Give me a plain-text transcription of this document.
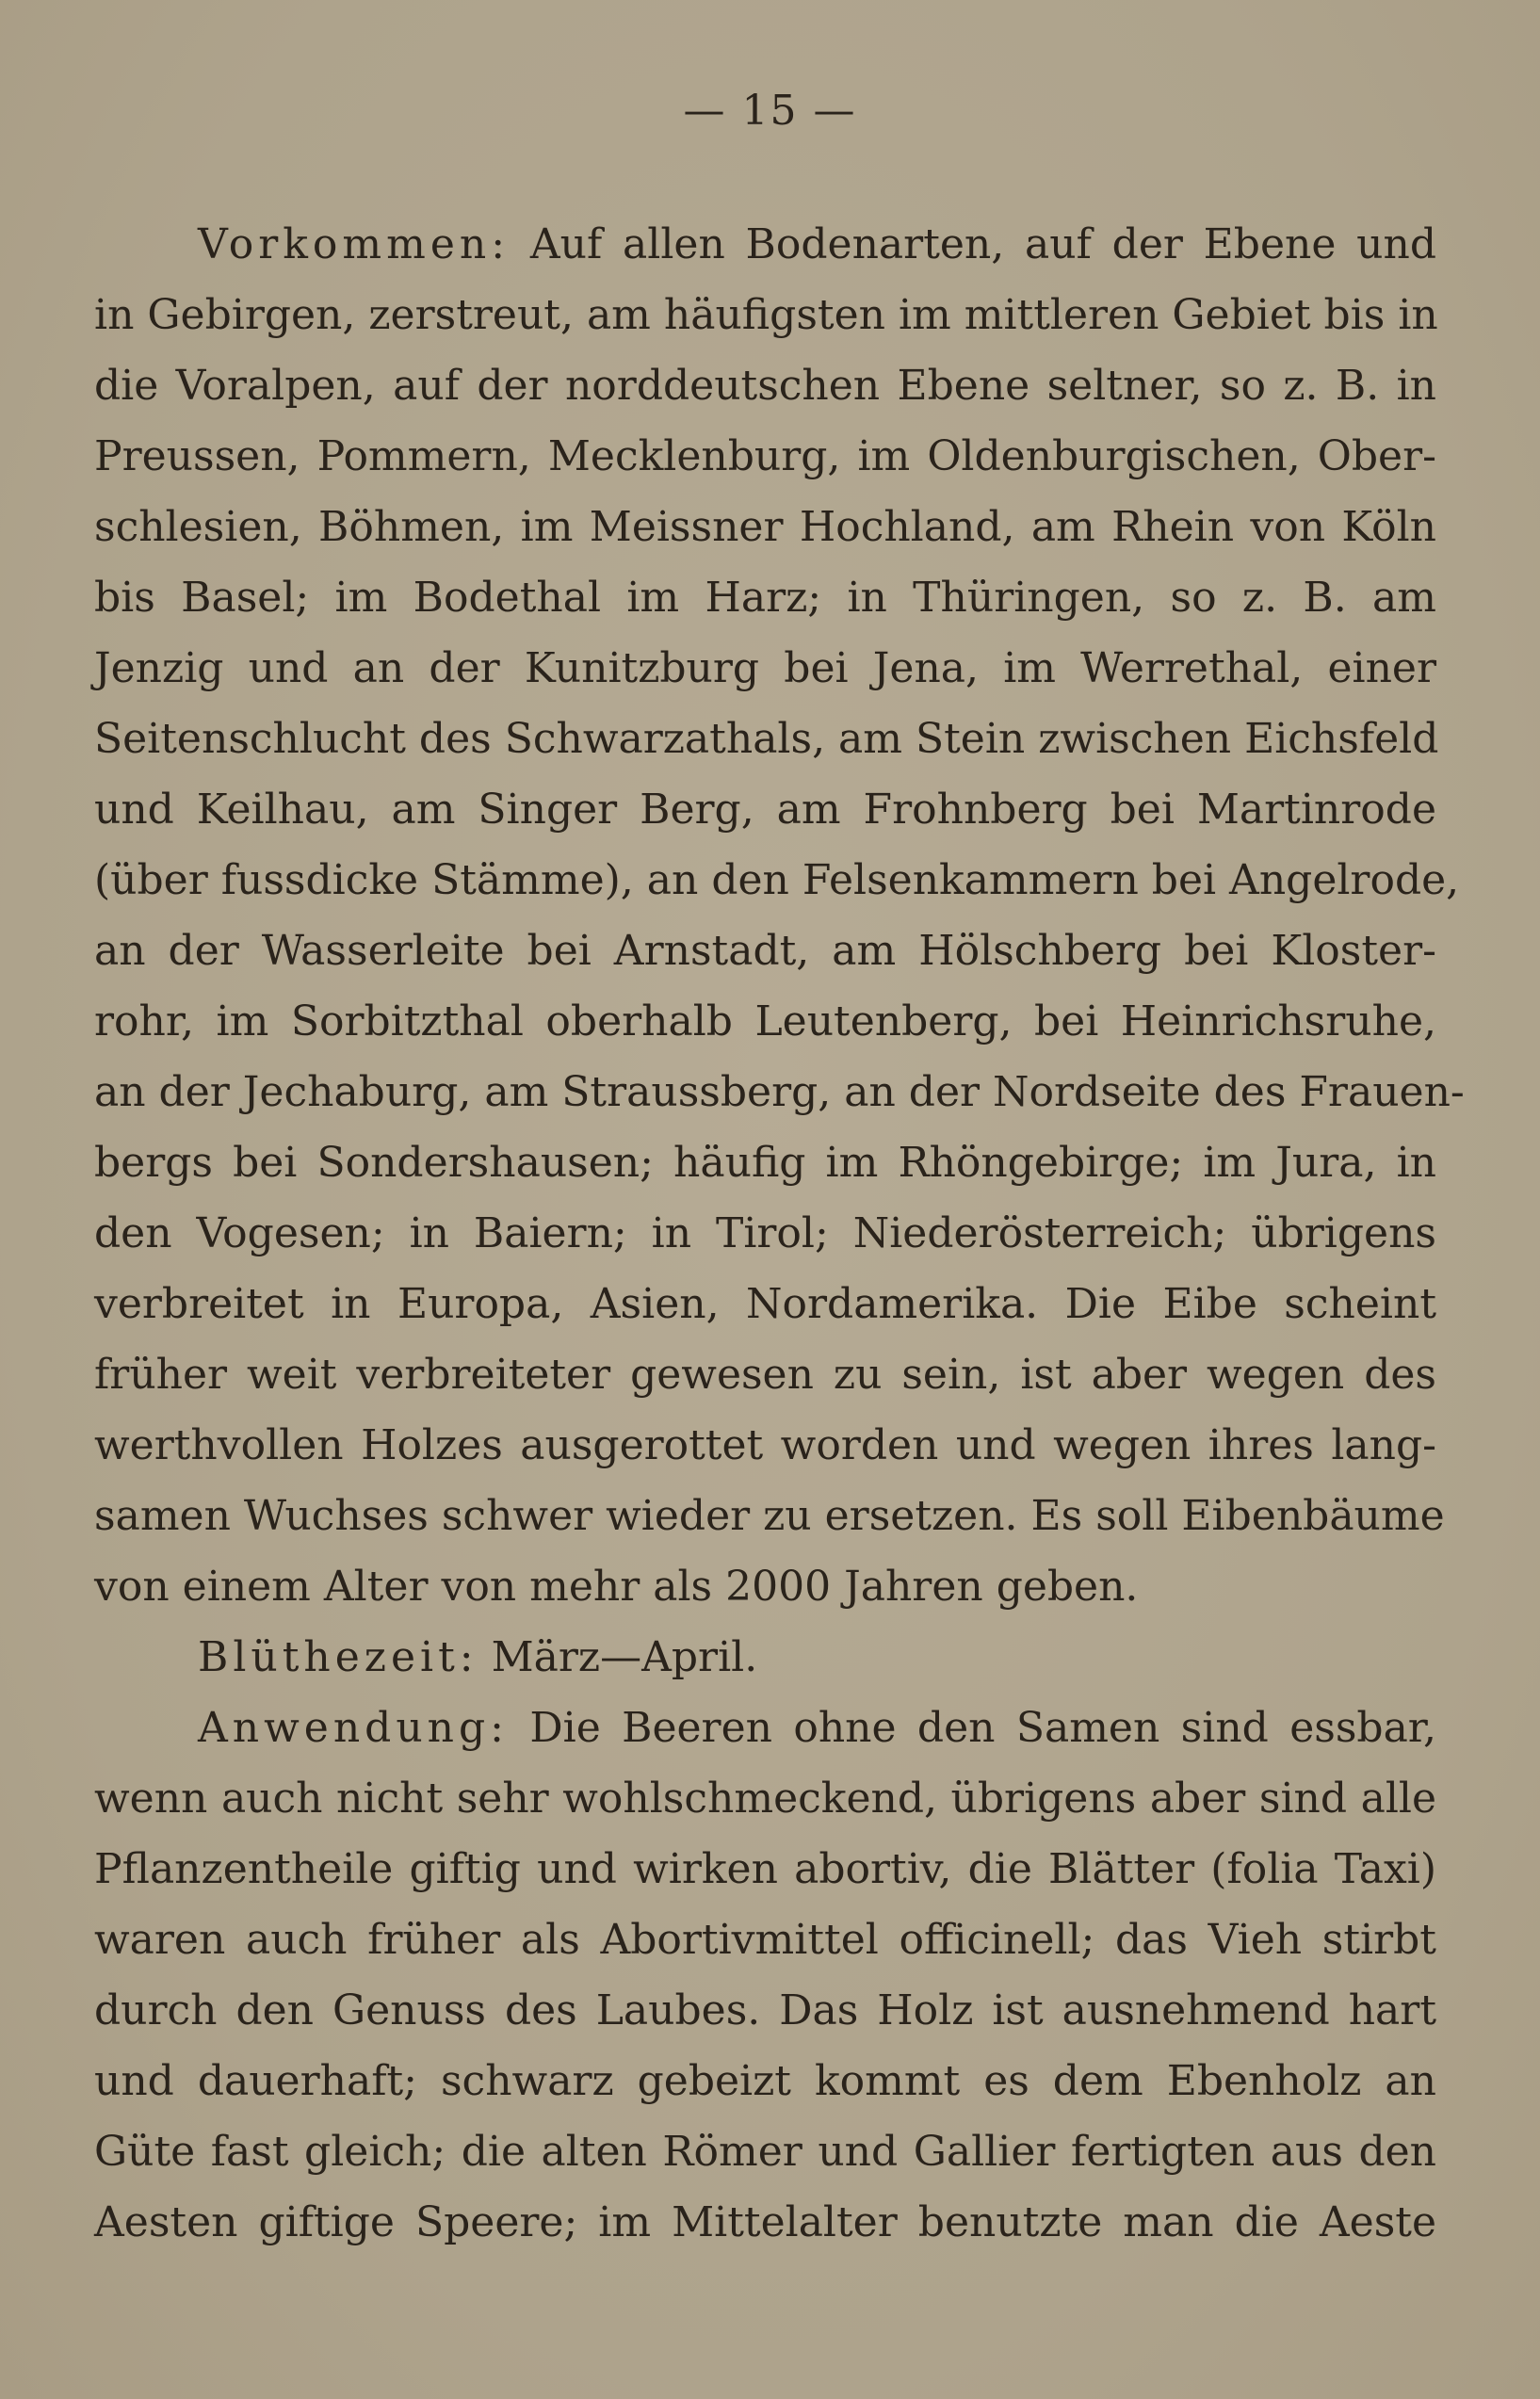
— 15 —
Vorkommen: Auf allen Bodenarten, auf der Ebene und
in Gebirgen, zerstreut, am häufigsten im mittleren Gebiet bis in
die Voralpen, auf der norddeutschen Ebene seltner, so z. B. in
Preussen, Pommern, Mecklenburg, im Oldenburgischen, Ober-
schlesien, Böhmen, im Meissner Hochland, am Rhein von Köln
bis Basel; im Bodethal im Harz; in Thüringen, so z. B. am
Jenzig und an der Kunitzburg bei Jena, im Werrethal, einer
Seitenschlucht des Schwarzathals, am Stein zwischen Eichsfeld
und Keilhau, am Singer Berg, am Frohnberg bei Martinrode
(über fussdicke Stämme), an den Felsenkammern bei Angelrode,
an der Wasserleite bei Arnstadt, am Hölschberg bei Kloster-
rohr, im Sorbitzthal oberhalb Leutenberg, bei Heinrichsruhe,
an der Jechaburg, am Straussberg, an der Nordseite des Frauen-
bergs bei Sondershausen; häufig im Rhöngebirge; im Jura, in
den Vogesen; in Baiern; in Tirol; Niederösterreich; übrigens
verbreitet in Europa, Asien, Nordamerika. Die Eibe scheint
früher weit verbreiteter gewesen zu sein, ist aber wegen des
werthvollen Holzes ausgerottet worden und wegen ihres lang-
samen Wuchses schwer wieder zu ersetzen. Es soll Eibenbäume
von einem Alter von mehr als 2000 Jahren geben.
Blüthezeit: März—April.
Anwendung: Die Beeren ohne den Samen sind essbar,
wenn auch nicht sehr wohlschmeckend, übrigens aber sind alle
Pflanzentheile giftig und wirken abortiv, die Blätter (folia Taxi)
waren auch früher als Abortivmittel officinell; das Vieh stirbt
durch den Genuss des Laubes. Das Holz ist ausnehmend hart
und dauerhaft; schwarz gebeizt kommt es dem Ebenholz an
Güte fast gleich; die alten Römer und Gallier fertigten aus den
Aesten giftige Speere; im Mittelalter benutzte man die Aeste
